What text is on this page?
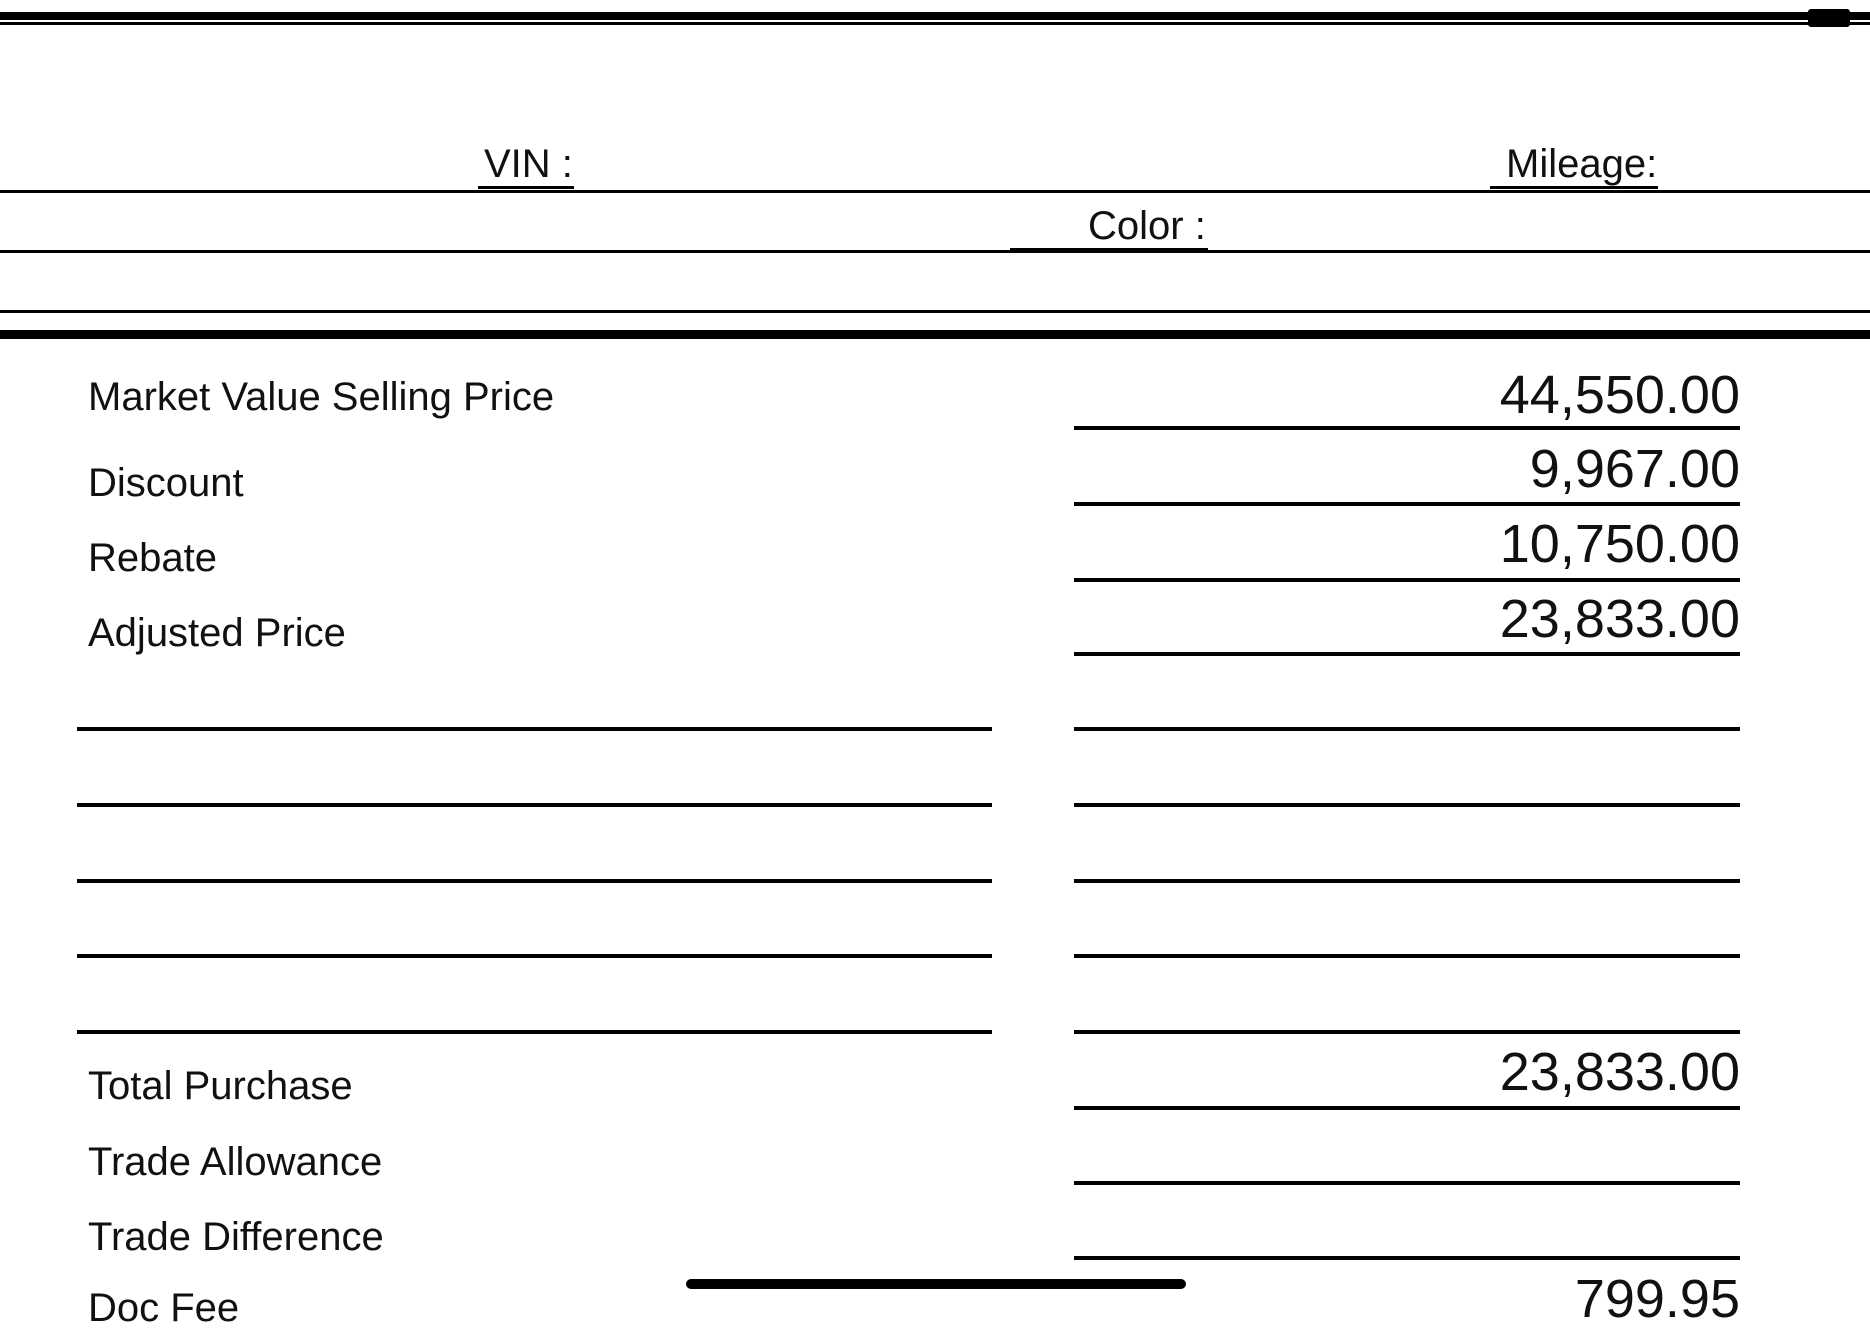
VIN :	Mileage:
Color :
Market Value Selling Price	44,550.00
Discount	9,967.00
Rebate	10,750.00
Adjusted Price	23,833.00
Total Purchase	23,833.00
Trade Allowance
Trade Difference
Doc Fee	799.95
